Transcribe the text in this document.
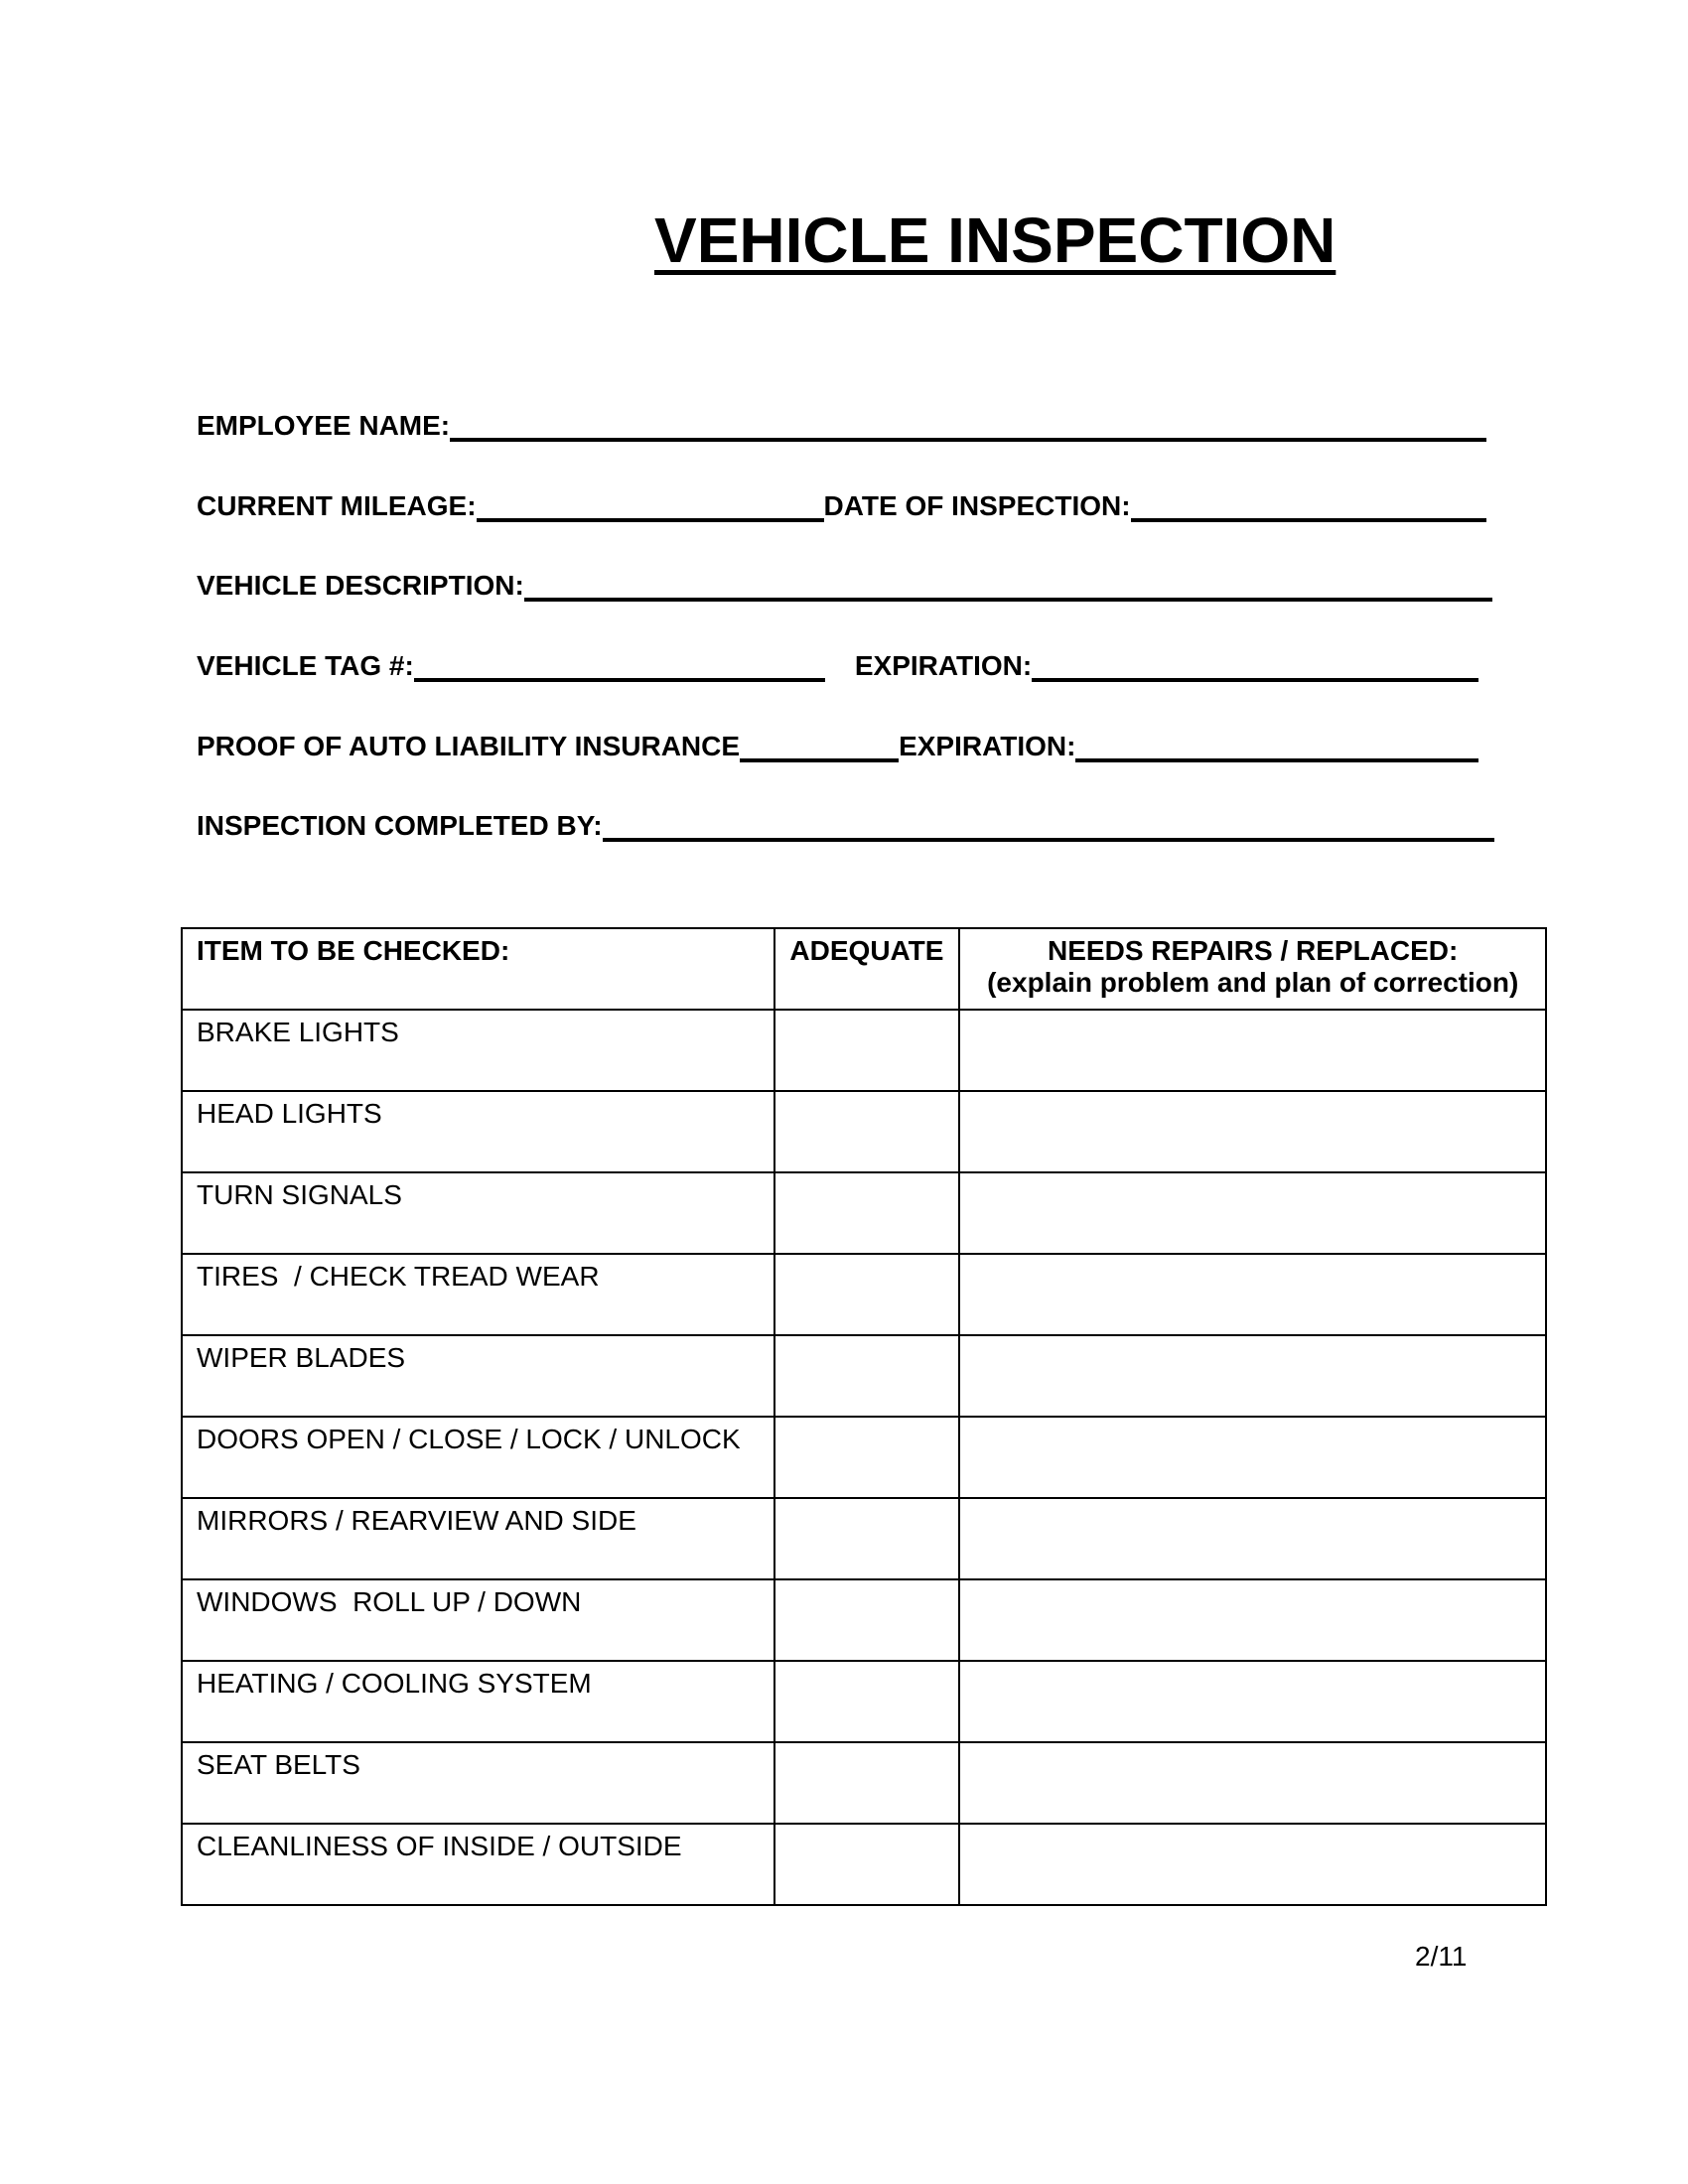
VEHICLE INSPECTION
EMPLOYEE NAME:
CURRENT MILEAGE:	DATE OF INSPECTION:
VEHICLE DESCRIPTION:
VEHICLE TAG #:	EXPIRATION:
PROOF OF AUTO LIABILITY INSURANCE	EXPIRATION:
INSPECTION COMPLETED BY:
ITEM TO BE CHECKED:	ADEQUATE	NEEDS REPAIRS / REPLACED:
(explain problem and plan of correction)

BRAKE LIGHTS		
HEAD LIGHTS		
TURN SIGNALS		
TIRES  / CHECK TREAD WEAR		
WIPER BLADES		
DOORS OPEN / CLOSE / LOCK / UNLOCK		
MIRRORS / REARVIEW AND SIDE		
WINDOWS  ROLL UP / DOWN		
HEATING / COOLING SYSTEM		
SEAT BELTS		
CLEANLINESS OF INSIDE / OUTSIDE		
2/11
